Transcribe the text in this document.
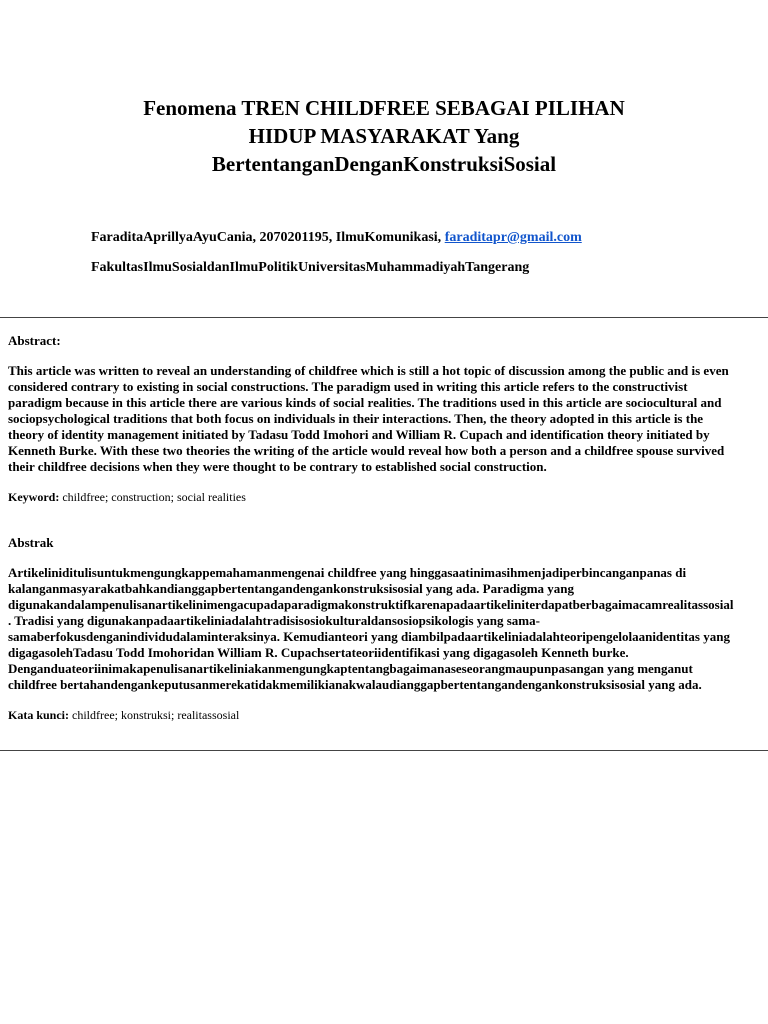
Fenomena TREN CHILDFREE SEBAGAI PILIHAN
HIDUP MASYARAKAT Yang
BertentanganDenganKonstruksiSosial
FaraditaAprillyaAyuCania, 2070201195, IlmuKomunikasi, faraditapr@gmail.com
FakultasIlmuSosialdanIlmuPolitikUniversitasMuhammadiyahTangerang
Abstract:
This article was written to reveal an understanding of childfree which is still a hot topic of discussion among the public and is even
considered contrary to existing in social constructions. The paradigm used in writing this article refers to the constructivist
paradigm because in this article there are various kinds of social realities. The traditions used in this article are sociocultural and
sociopsychological traditions that both focus on individuals in their interactions. Then, the theory adopted in this article is the
theory of identity management initiated by Tadasu Todd Imohori and William R. Cupach and identification theory initiated by
Kenneth Burke. With these two theories the writing of the article would reveal how both a person and a childfree spouse survived
their childfree decisions when they were thought to be contrary to established social construction.
Keyword: childfree; construction; social realities
Abstrak
Artikeliniditulisuntukmengungkappemahamanmengenai childfree yang hinggasaatinimasihmenjadiperbincanganpanas di
kalanganmasyarakatbahkandianggapbertentangandengankonstruksisosial yang ada. Paradigma yang
digunakandalampenulisanartikelinimengacupadaparadigmakonstruktifkarenapadaartikeliniterdapatberbagaimacamrealitassosial
. Tradisi yang digunakanpadaartikeliniadalahtradisisosiokulturaldansosiopsikologis yang sama-
samaberfokusdenganindividudalaminteraksinya. Kemudianteori yang diambilpadaartikeliniadalahteoripengelolaanidentitas yang
digagasolehTadasu Todd Imohoridan William R. Cupachsertateoriidentifikasi yang digagasoleh Kenneth burke.
Denganduateoriinimakapenulisanartikeliniakanmengungkaptentangbagaimanaseseorangmaupunpasangan yang menganut
childfree bertahandengankeputusanmerekatidakmemilikianakwalaudianggapbertentangandengankonstruksisosial yang ada.
Kata kunci: childfree; konstruksi; realitassosial
